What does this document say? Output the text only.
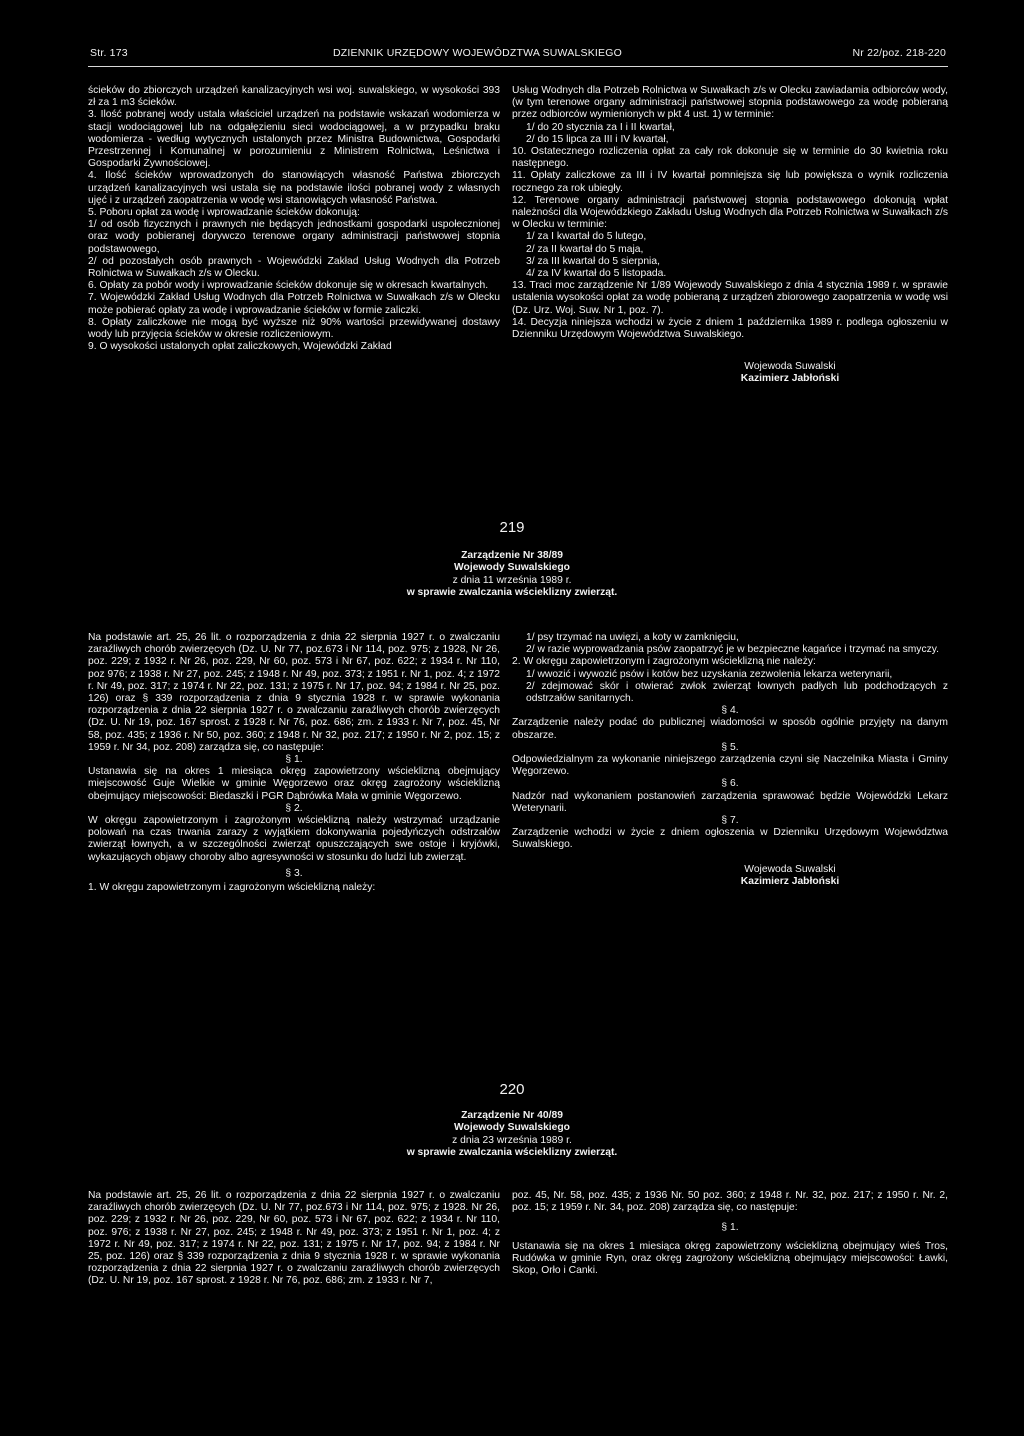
Str. 173	DZIENNIK URZĘDOWY WOJEWÓDZTWA SUWALSKIEGO	Nr 22/poz. 218-220

ścieków do zbiorczych urządzeń kanalizacyjnych wsi woj. suwalskiego, w wysokości 393 zł za 1 m3 ścieków.

3. Ilość pobranej wody ustala właściciel urządzeń na podstawie wskazań wodomierza w stacji wodociągowej lub na odgałęzieniu sieci wodociągowej, a w przypadku braku wodomierza - według wytycznych ustalonych przez Ministra Budownictwa, Gospodarki Przestrzennej i Komunalnej w porozumieniu z Ministrem Rolnictwa, Leśnictwa i Gospodarki Żywnościowej.

4. Ilość ścieków wprowadzonych do stanowiących własność Państwa zbiorczych urządzeń kanalizacyjnych wsi ustala się na podstawie ilości pobranej wody z własnych ujęć i z urządzeń zaopatrzenia w wodę wsi stanowiących własność Państwa.

5. Poboru opłat za wodę i wprowadzanie ścieków dokonują:

1/ od osób fizycznych i prawnych nie będących jednostkami gospodarki uspołecznionej oraz wody pobieranej dorywczo terenowe organy administracji państwowej stopnia podstawowego,

2/ od pozostałych osób prawnych - Wojewódzki Zakład Usług Wodnych dla Potrzeb Rolnictwa w Suwałkach z/s w Olecku.

6. Opłaty za pobór wody i wprowadzanie ścieków dokonuje się w okresach kwartalnych.

7. Wojewódzki Zakład Usług Wodnych dla Potrzeb Rolnictwa w Suwałkach z/s w Olecku może pobierać opłaty za wodę i wprowadzanie ścieków w formie zaliczki.

8. Opłaty zaliczkowe nie mogą być wyższe niż 90% wartości przewidywanej dostawy wody lub przyjęcia ścieków w okresie rozliczeniowym.

9. O wysokości ustalonych opłat zaliczkowych, Wojewódzki Zakład

Usług Wodnych dla Potrzeb Rolnictwa w Suwałkach z/s w Olecku zawiadamia odbiorców wody, (w tym terenowe organy administracji państwowej stopnia podstawowego za wodę pobieraną przez odbiorców wymienionych w pkt 4 ust. 1) w terminie:

1/ do 20 stycznia za I i II kwartał,

2/ do 15 lipca za III i IV kwartał,

10. Ostatecznego rozliczenia opłat za cały rok dokonuje się w terminie do 30 kwietnia roku następnego.

11. Opłaty zaliczkowe za III i IV kwartał pomniejsza się lub powiększa o wynik rozliczenia rocznego za rok ubiegły.

12. Terenowe organy administracji państwowej stopnia podstawowego dokonują wpłat należności dla Wojewódzkiego Zakładu Usług Wodnych dla Potrzeb Rolnictwa w Suwałkach z/s w Olecku w terminie:

1/ za I kwartał do 5 lutego,

2/ za II kwartał do 5 maja,

3/ za III kwartał do 5 sierpnia,

4/ za IV kwartał do 5 listopada.

13. Traci moc zarządzenie Nr 1/89 Wojewody Suwalskiego z dnia 4 stycznia 1989 r. w sprawie ustalenia wysokości opłat za wodę pobieraną z urządzeń zbiorowego zaopatrzenia w wodę wsi (Dz. Urz. Woj. Suw. Nr 1, poz. 7).

14. Decyzja niniejsza wchodzi w życie z dniem 1 października 1989 r. podlega ogłoszeniu w Dzienniku Urzędowym Województwa Suwalskiego.

Wojewoda Suwalski
Kazimierz Jabłoński
219
Zarządzenie Nr 38/89
Wojewody Suwalskiego
z dnia 11 września 1989 r.
w sprawie zwalczania wścieklizny zwierząt.

Na podstawie art. 25, 26 lit. o rozporządzenia z dnia 22 sierpnia 1927 r. o zwalczaniu zaraźliwych chorób zwierzęcych (Dz. U. Nr 77, poz.673 i Nr 114, poz. 975; z 1928, Nr 26, poz. 229; z 1932 r. Nr 26, poz. 229, Nr 60, poz. 573 i Nr 67, poz. 622; z 1934 r. Nr 110, poz 976; z 1938 r. Nr 27, poz. 245; z 1948 r. Nr 49, poz. 373; z 1951 r. Nr 1, poz. 4; z 1972 r. Nr 49, poz. 317; z 1974 r. Nr 22, poz. 131; z 1975 r. Nr 17, poz. 94; z 1984 r. Nr 25, poz. 126) oraz § 339 rozporządzenia z dnia 9 stycznia 1928 r. w sprawie wykonania rozporządzenia z dnia 22 sierpnia 1927 r. o zwalczaniu zaraźliwych chorób zwierzęcych (Dz. U. Nr 19, poz. 167 sprost. z 1928 r. Nr 76, poz. 686; zm. z 1933 r. Nr 7, poz. 45, Nr 58, poz. 435; z 1936 r. Nr 50, poz. 360; z 1948 r. Nr 32, poz. 217; z 1950 r. Nr 2, poz. 15; z 1959 r. Nr 34, poz. 208) zarządza się, co następuje:

§ 1.

Ustanawia się na okres 1 miesiąca okręg zapowietrzony wścieklizną obejmujący miejscowość Guje Wielkie w gminie Węgorzewo oraz okręg zagrożony wścieklizną obejmujący miejscowości: Biedaszki i PGR Dąbrówka Mała w gminie Węgorzewo.

§ 2.

W okręgu zapowietrzonym i zagrożonym wścieklizną należy wstrzymać urządzanie polowań na czas trwania zarazy z wyjątkiem dokonywania pojedyńczych odstrzałów zwierząt łownych, a w szczególności zwierząt opuszczających swe ostoje i kryjówki, wykazujących objawy choroby albo agresywności w stosunku do ludzi lub zwierząt.

§ 3.

1. W okręgu zapowietrzonym i zagrożonym wścieklizną należy:

1/ psy trzymać na uwięzi, a koty w zamknięciu,

2/ w razie wyprowadzania psów zaopatrzyć je w bezpieczne kagańce i trzymać na smyczy.

2. W okręgu zapowietrzonym i zagrożonym wścieklizną nie należy:

1/ wwozić i wywozić psów i kotów bez uzyskania zezwolenia lekarza weterynarii,

2/ zdejmować skór i otwierać zwłok zwierząt łownych padłych lub podchodzących z odstrzałów sanitarnych.

§ 4.

Zarządzenie należy podać do publicznej wiadomości w sposób ogólnie przyjęty na danym obszarze.

§ 5.

Odpowiedzialnym za wykonanie niniejszego zarządzenia czyni się Naczelnika Miasta i Gminy Węgorzewo.

§ 6.

Nadzór nad wykonaniem postanowień zarządzenia sprawować będzie Wojewódzki Lekarz Weterynarii.

§ 7.

Zarządzenie wchodzi w życie z dniem ogłoszenia w Dzienniku Urzędowym Województwa Suwalskiego.

Wojewoda Suwalski
Kazimierz Jabłoński
220
Zarządzenie Nr 40/89
Wojewody Suwalskiego
z dnia 23 września 1989 r.
w sprawie zwalczania wścieklizny zwierząt.

Na podstawie art. 25, 26 lit. o rozporządzenia z dnia 22 sierpnia 1927 r. o zwalczaniu zaraźliwych chorób zwierzęcych (Dz. U. Nr 77, poz.673 i Nr 114, poz. 975; z 1928. Nr 26, poz. 229; z 1932 r. Nr 26, poz. 229, Nr 60, poz. 573 i Nr 67, poz. 622; z 1934 r. Nr 110, poz. 976; z 1938 r. Nr 27, poz. 245; z 1948 r. Nr 49, poz. 373; z 1951 r. Nr 1, poz. 4; z 1972 r. Nr 49, poz. 317; z 1974 r. Nr 22, poz. 131; z 1975 r. Nr 17, poz. 94; z 1984 r. Nr 25, poz. 126) oraz § 339 rozporządzenia z dnia 9 stycznia 1928 r. w sprawie wykonania rozporządzenia z dnia 22 sierpnia 1927 r. o zwalczaniu zaraźliwych chorób zwierzęcych (Dz. U. Nr 19, poz. 167 sprost. z 1928 r. Nr 76, poz. 686; zm. z 1933 r. Nr 7,

poz. 45, Nr. 58, poz. 435; z 1936 Nr. 50 poz. 360; z 1948 r. Nr. 32, poz. 217; z 1950 r. Nr. 2, poz. 15; z 1959 r. Nr. 34, poz. 208) zarządza się, co następuje:

§ 1.

Ustanawia się na okres 1 miesiąca okręg zapowietrzony wścieklizną obejmujący wieś Tros, Rudówka w gminie Ryn, oraz okręg zagrożony wścieklizną obejmujący miejscowości: Ławki, Skop, Orło i Canki.
